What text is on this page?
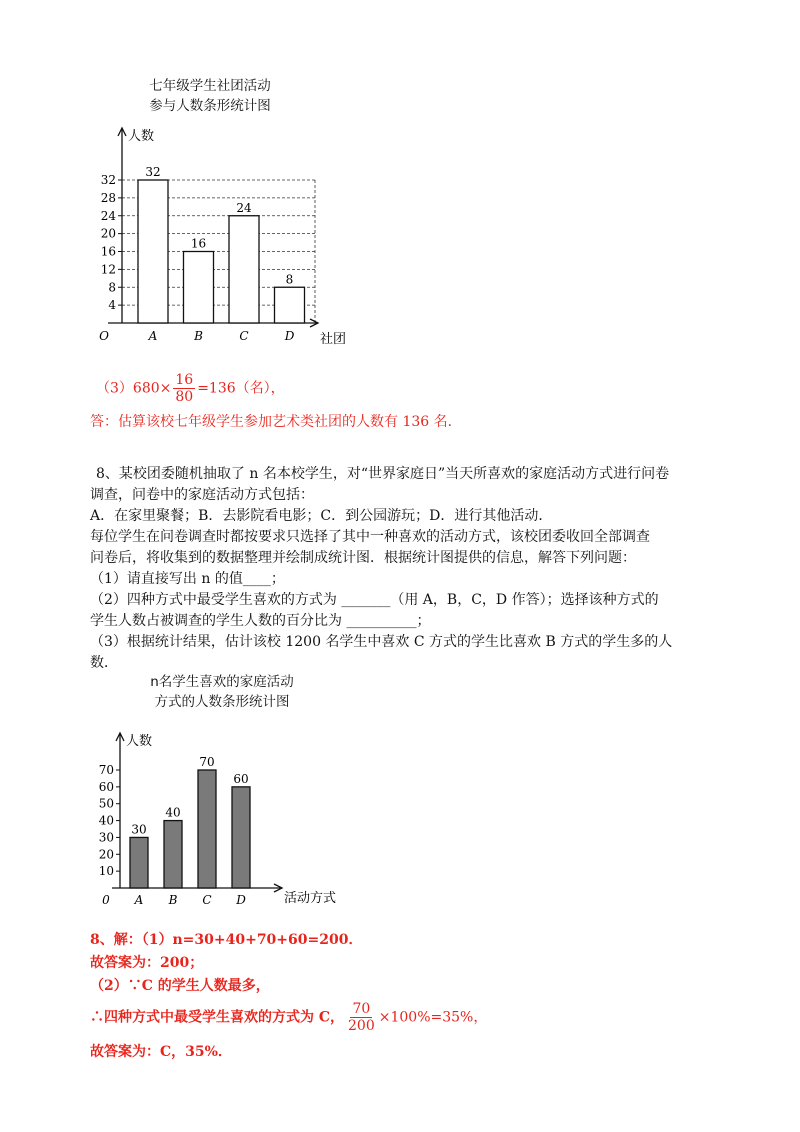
七年级学生社团活动
参与人数条形统计图
4
8
12
16
20
24
28
32
O
人数
社团
32
A
16
B
24
C
8
D
$(3)680\times \frac{16}{80} =136$（名），
答：估算该校七年级学生参加艺术类社团的人数有 136 名．
8、某校团委随机抽取了 n 名本校学生，对“世界家庭日”当天所喜欢的家庭活动方式进行问卷
调查，问卷中的家庭活动方式包括：
A．在家里聚餐；B．去影院看电影；C．到公园游玩；D．进行其他活动．
每位学生在问卷调查时都按要求只选择了其中一种喜欢的活动方式，该校团委收回全部调查
问卷后，将收集到的数据整理并绘制成统计图．根据统计图提供的信息，解答下列问题：
（1）请直接写出 n 的值____；
（2）四种方式中最受学生喜欢的方式为 _______（用 A，B，C，D 作答）；选择该种方式的
学生人数占被调查的学生人数的百分比为 __________；
（3）根据统计结果，估计该校 1200 名学生中喜欢 C 方式的学生比喜欢 B 方式的学生多的人
数．
n名学生喜欢的家庭活动
方式的人数条形统计图
10
20
30
40
50
60
70
0
人数
活动方式
30
A
40
B
70
C
60
D
8、解：（1）n=30+40+70+60=200．
故答案为：200；
（2）∵C 的学生人数最多，
∴四种方式中最受学生喜欢的方式为 C， $\frac{70}{200} \times 100\%=35\%$，
故答案为：C，35%．
